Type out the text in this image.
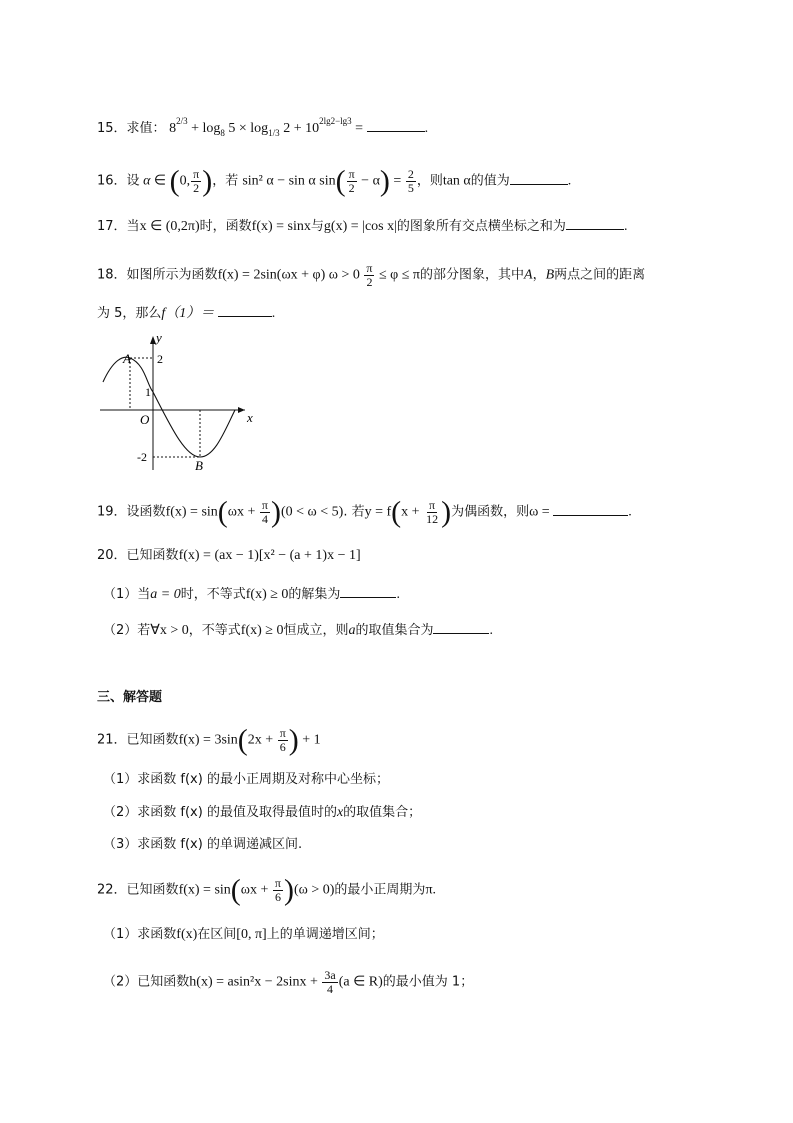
15．求值： $8^{2/3} + \log_8 5 \times \log_{1/3} 2 + 10^{2lg2-lg3}$ =	.
16．设 α ∈ (0, $\frac{\pi}{2}$ )，若 sin² α − sin α $\sin( \frac{\pi}{2} - \alpha) = \frac{2}{5}$ ，则tan α的值为	.
17．当x ∈ (0,2π)时，函数f(x) = sinx与g(x) = |cos x|的图象所有交点横坐标之和为	.
18．如图所示为函数f(x) = 2sin(ωx + φ) $\omega > 0 \frac{\pi}{2} \le \varphi \le \pi$的部分图象，其中A，B两点之间的距离
为 5，那么f（1）＝	.
y
x
O
A
B
2
1
-2
19．设函数$f(x) = \sin(\omega x + \frac{\pi}{4} )(0 < \omega < 5)$. 若$y = f(x + \frac{\pi}{12}$ )为偶函数，则ω =	.
20．已知函数f(x) = (ax − 1)[x² − (a + 1)x − 1]
（1）当a = 0时，不等式f(x) ≥ 0的解集为	.
（2）若∀x > 0，不等式f(x) ≥ 0恒成立，则a的取值集合为	.
三、解答题
21．已知函数$f(x) = 3\sin(2x + \frac{\pi}{6}$ ) + 1
（1）求函数 f(x) 的最小正周期及对称中心坐标；
（2）求函数 f(x) 的最值及取得最值时的x的取值集合；
（3）求函数 f(x) 的单调递减区间.
22．已知函数$f(x) = \sin(\omega x + \frac{\pi}{6} )(\omega > 0)$的最小正周期为π.
（1）求函数f(x)在区间[0, π]上的单调递增区间；
（2）已知函数$h(x) = asin^2x - 2\sin x + \frac{3a}{4} (a$ ∈ R)的最小值为 1；
